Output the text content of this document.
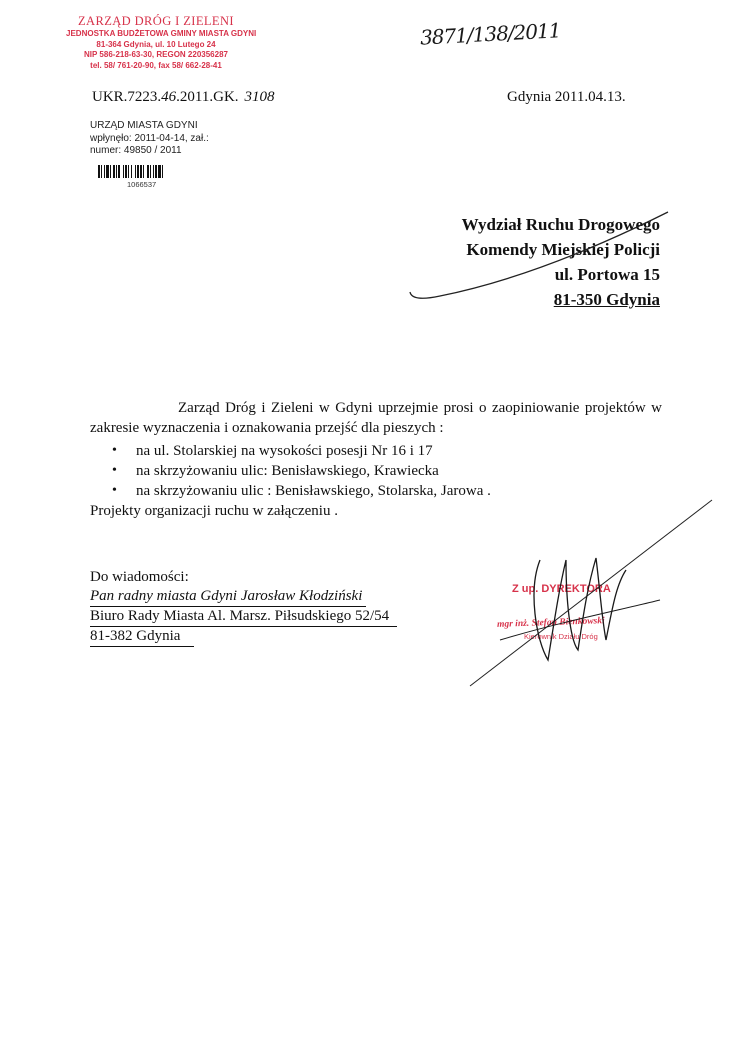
ZARZĄD DRÓG I ZIELENI
JEDNOSTKA BUDŻETOWA GMINY MIASTA GDYNI
81-364 Gdynia, ul. 10 Lutego 24
NIP 586-218-63-30, REGON 220356287
tel. 58/ 761-20-90, fax 58/ 662-28-41
3871/138/2011
UKR.7223.46.2011.GK. 3108	Gdynia 2011.04.13.
URZĄD MIASTA GDYNI
wpłynęło: 2011-04-14, zał.:
numer: 49850 / 2011
1066537
Wydział Ruchu Drogowego
Komendy Miejskiej Policji
ul. Portowa 15
81-350 Gdynia

Zarząd Dróg i Zieleni w Gdyni uprzejmie prosi o zaopiniowanie projektów w zakresie wyznaczenia i oznakowania przejść dla pieszych :

• na ul. Stolarskiej na wysokości posesji Nr 16 i 17
• na skrzyżowaniu ulic: Benisławskiego, Krawiecka
• na skrzyżowaniu ulic : Benisławskiego, Stolarska, Jarowa .

Projekty organizacji ruchu w załączeniu .

Do wiadomości:
Pan radny miasta Gdyni Jarosław Kłodziński
Biuro Rady Miasta Al. Marsz. Piłsudskiego 52/54
81-382 Gdynia
Z up. DYREKTORA
mgr inż. Stefan Bienkowski
Kierownik Działu Dróg
